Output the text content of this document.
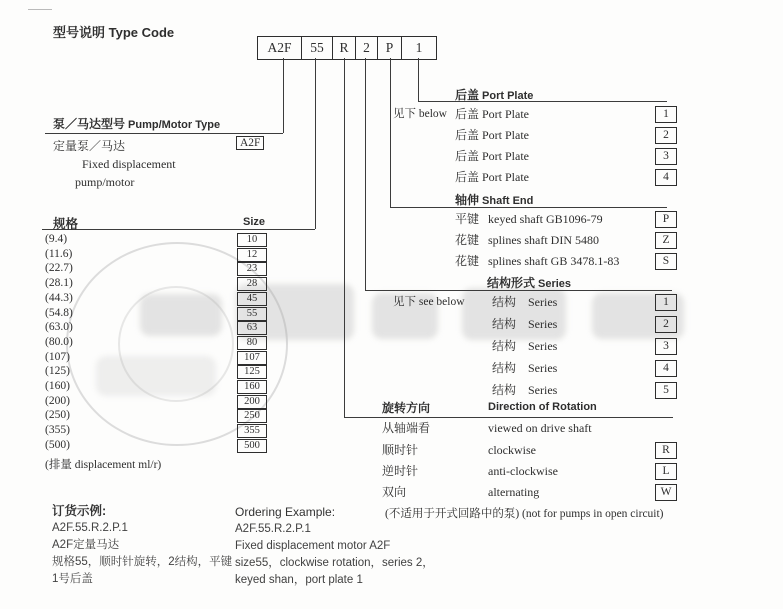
型号说明 Type Code
A2F	55	R	2	P	1
泵／马达型号 Pump/Motor Type
定量泵／马达	A2F
Fixed displacement
pump/motor
规格	Size
(9.4)	10
(11.6)	12
(22.7)	23
(28.1)	28
(44.3)	45
(54.8)	55
(63.0)	63
(80.0)	80
(107)	107
(125)	125
(160)	160
(200)	200
(250)	250
(355)	355
(500)	500
(排量 displacement ml/r)
后盖 Port Plate
见下 below 后盖 Port Plate	1
后盖 Port Plate	2
后盖 Port Plate	3
后盖 Port Plate	4
轴伸 Shaft End
平键 keyed shaft GB1096-79	P
花键 splines shaft DIN 5480	Z
花键 splines shaft GB 3478.1-83	S
结构形式 Series
见下 see below 结构 Series	1
结构 Series	2
结构 Series	3
结构 Series	4
结构 Series	5
旋转方向	Direction of Rotation
从轴端看	viewed on drive shaft
顺时针	clockwise	R
逆时针	anti-clockwise	L
双向	alternating	W
(不适用于开式回路中的泵) (not for pumps in open circuit)
订货示例:
A2F.55.R.2.P.1
A2F定量马达
规格55，顺时针旋转，2结构，平键
1号后盖
Ordering Example:
A2F.55.R.2.P.1
Fixed displacement motor A2F
size55，clockwise rotation，series 2，
keyed shan，port plate 1
